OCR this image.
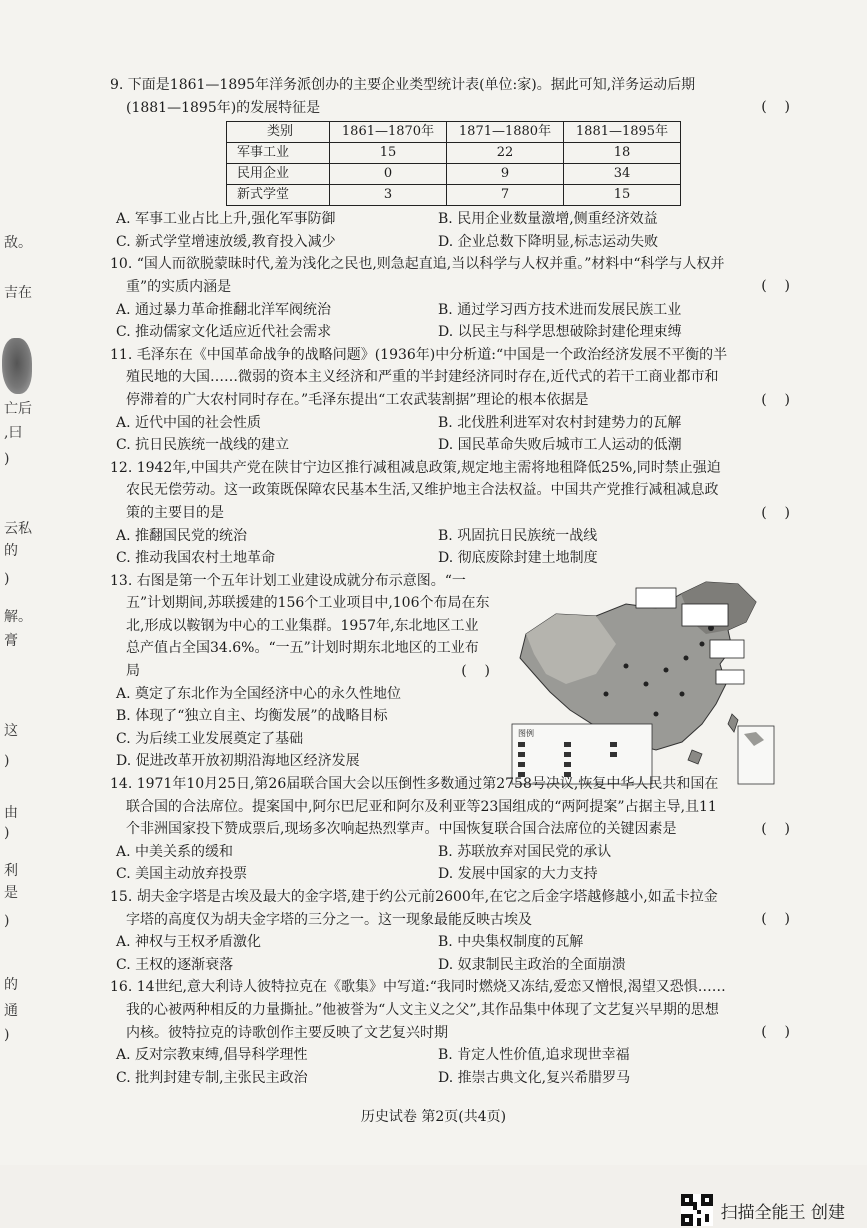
敌。
吉在
亡后
,曰
)
云私
的
)
解。
膏
这
)
由
)
利
是
)
的
通
)
9. 下面是1861—1895年洋务派创办的主要企业类型统计表(单位:家)。据此可知,洋务运动后期(1881—1895年)的发展特征是	(    )
类别	1861—1870年	1871—1880年	1881—1895年
军事工业	15	22	18
民用企业	0	9	34
新式学堂	3	7	15
A. 军事工业占比上升,强化军事防御	B. 民用企业数量激增,侧重经济效益
C. 新式学堂增速放缓,教育投入减少	D. 企业总数下降明显,标志运动失败
10. “国人而欲脱蒙昧时代,羞为浅化之民也,则急起直追,当以科学与人权并重。”材料中“科学与人权并重”的实质内涵是	(    )
A. 通过暴力革命推翻北洋军阀统治	B. 通过学习西方技术进而发展民族工业
C. 推动儒家文化适应近代社会需求	D. 以民主与科学思想破除封建伦理束缚
11. 毛泽东在《中国革命战争的战略问题》(1936年)中分析道:“中国是一个政治经济发展不平衡的半殖民地的大国……微弱的资本主义经济和严重的半封建经济同时存在,近代式的若干工商业都市和停滞着的广大农村同时存在。”毛泽东提出“工农武装割据”理论的根本依据是	(    )
A. 近代中国的社会性质	B. 北伐胜利进军对农村封建势力的瓦解
C. 抗日民族统一战线的建立	D. 国民革命失败后城市工人运动的低潮
12. 1942年,中国共产党在陕甘宁边区推行减租减息政策,规定地主需将地租降低25%,同时禁止强迫农民无偿劳动。这一政策既保障农民基本生活,又维护地主合法权益。中国共产党推行减租减息政策的主要目的是	(    )
A. 推翻国民党的统治	B. 巩固抗日民族统一战线
C. 推动我国农村土地革命	D. 彻底废除封建土地制度
13. 右图是第一个五年计划工业建设成就分布示意图。“一五”计划期间,苏联援建的156个工业项目中,106个布局在东北,形成以鞍钢为中心的工业集群。1957年,东北地区工业总产值占全国34.6%。“一五”计划时期东北地区的工业布局	(    )
A. 奠定了东北作为全国经济中心的永久性地位
B. 体现了“独立自主、均衡发展”的战略目标
C. 为后续工业发展奠定了基础
D. 促进改革开放初期沿海地区经济发展
图例
14. 1971年10月25日,第26届联合国大会以压倒性多数通过第2758号决议,恢复中华人民共和国在联合国的合法席位。提案国中,阿尔巴尼亚和阿尔及利亚等23国组成的“两阿提案”占据主导,且11个非洲国家投下赞成票后,现场多次响起热烈掌声。中国恢复联合国合法席位的关键因素是	(    )
A. 中美关系的缓和	B. 苏联放弃对国民党的承认
C. 美国主动放弃投票	D. 发展中国家的大力支持
15. 胡夫金字塔是古埃及最大的金字塔,建于约公元前2600年,在它之后金字塔越修越小,如孟卡拉金字塔的高度仅为胡夫金字塔的三分之一。这一现象最能反映古埃及	(    )
A. 神权与王权矛盾激化	B. 中央集权制度的瓦解
C. 王权的逐渐衰落	D. 奴隶制民主政治的全面崩溃
16. 14世纪,意大利诗人彼特拉克在《歌集》中写道:“我同时燃烧又冻结,爱恋又憎恨,渴望又恐惧……我的心被两种相反的力量撕扯。”他被誉为“人文主义之父”,其作品集中体现了文艺复兴早期的思想内核。彼特拉克的诗歌创作主要反映了文艺复兴时期	(    )
A. 反对宗教束缚,倡导科学理性	B. 肯定人性价值,追求现世幸福
C. 批判封建专制,主张民主政治	D. 推崇古典文化,复兴希腊罗马
历史试卷 第2页(共4页)
扫描全能王 创建
